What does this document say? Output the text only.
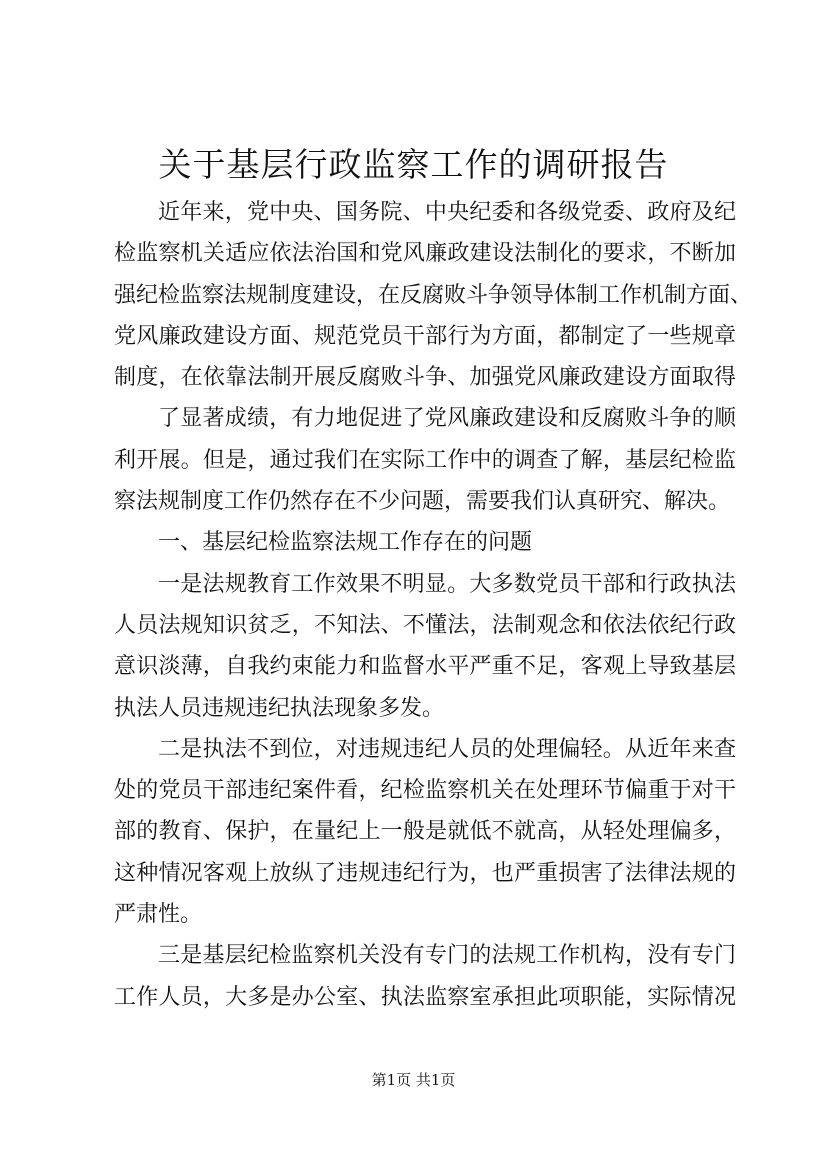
关于基层行政监察工作的调研报告
近年来，党中央、国务院、中央纪委和各级党委、政府及纪
检监察机关适应依法治国和党风廉政建设法制化的要求，不断加
强纪检监察法规制度建设，在反腐败斗争领导体制工作机制方面、
党风廉政建设方面、规范党员干部行为方面，都制定了一些规章
制度，在依靠法制开展反腐败斗争、加强党风廉政建设方面取得
了显著成绩，有力地促进了党风廉政建设和反腐败斗争的顺
利开展。但是，通过我们在实际工作中的调查了解，基层纪检监
察法规制度工作仍然存在不少问题，需要我们认真研究、解决。
一、基层纪检监察法规工作存在的问题
一是法规教育工作效果不明显。大多数党员干部和行政执法
人员法规知识贫乏，不知法、不懂法，法制观念和依法依纪行政
意识淡薄，自我约束能力和监督水平严重不足，客观上导致基层
执法人员违规违纪执法现象多发。
二是执法不到位，对违规违纪人员的处理偏轻。从近年来查
处的党员干部违纪案件看，纪检监察机关在处理环节偏重于对干
部的教育、保护，在量纪上一般是就低不就高，从轻处理偏多，
这种情况客观上放纵了违规违纪行为，也严重损害了法律法规的
严肃性。
三是基层纪检监察机关没有专门的法规工作机构，没有专门
工作人员，大多是办公室、执法监察室承担此项职能，实际情况
第1页 共1页
